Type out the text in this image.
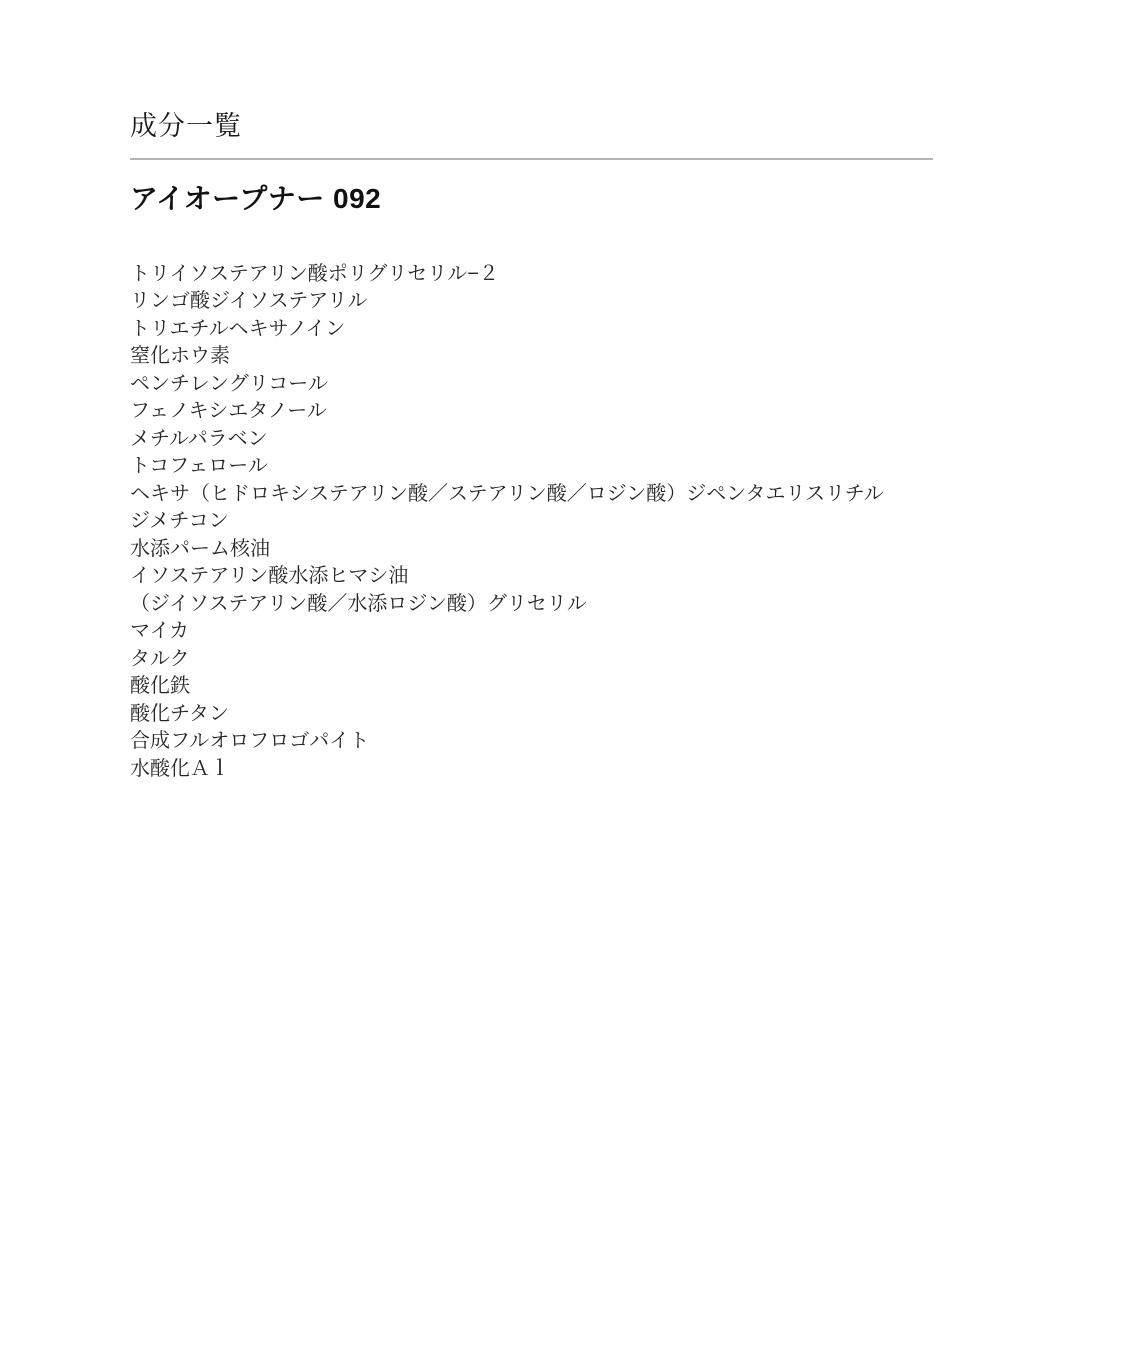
成分一覧
アイオープナー 092
トリイソステアリン酸ポリグリセリル−２
リンゴ酸ジイソステアリル
トリエチルヘキサノイン
窒化ホウ素
ペンチレングリコール
フェノキシエタノール
メチルパラベン
トコフェロール
ヘキサ（ヒドロキシステアリン酸／ステアリン酸／ロジン酸）ジペンタエリスリチル
ジメチコン
水添パーム核油
イソステアリン酸水添ヒマシ油
（ジイソステアリン酸／水添ロジン酸）グリセリル
マイカ
タルク
酸化鉄
酸化チタン
合成フルオロフロゴパイト
水酸化Ａｌ
